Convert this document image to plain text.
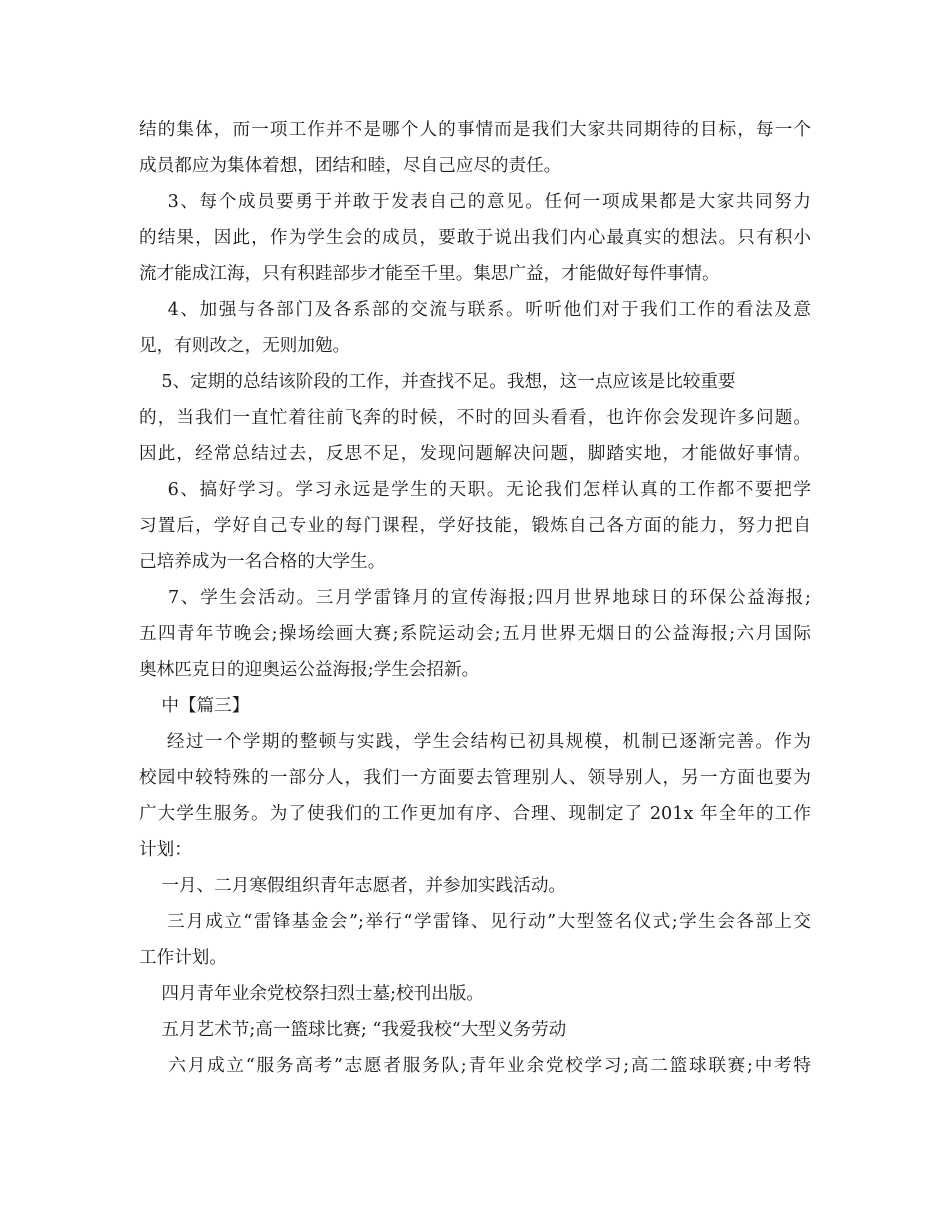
结的集体，而一项工作并不是哪个人的事情而是我们大家共同期待的目标，每一个
成员都应为集体着想，团结和睦，尽自己应尽的责任。
3、每个成员要勇于并敢于发表自己的意见。任何一项成果都是大家共同努力
的结果，因此，作为学生会的成员，要敢于说出我们内心最真实的想法。只有积小
流才能成江海，只有积跬部步才能至千里。集思广益，才能做好每件事情。
4、加强与各部门及各系部的交流与联系。听听他们对于我们工作的看法及意
见，有则改之，无则加勉。
5、定期的总结该阶段的工作，并查找不足。我想，这一点应该是比较重要
的，当我们一直忙着往前飞奔的时候，不时的回头看看，也许你会发现许多问题。
因此，经常总结过去，反思不足，发现问题解决问题，脚踏实地，才能做好事情。
6、搞好学习。学习永远是学生的天职。无论我们怎样认真的工作都不要把学
习置后，学好自己专业的每门课程，学好技能，锻炼自己各方面的能力，努力把自
己培养成为一名合格的大学生。
7、学生会活动。三月学雷锋月的宣传海报;四月世界地球日的环保公益海报;
五四青年节晚会;操场绘画大赛;系院运动会;五月世界无烟日的公益海报;六月国际
奥林匹克日的迎奥运公益海报;学生会招新。
中【篇三】
经过一个学期的整顿与实践，学生会结构已初具规模，机制已逐渐完善。作为
校园中较特殊的一部分人，我们一方面要去管理别人、领导别人，另一方面也要为
广大学生服务。为了使我们的工作更加有序、合理、现制定了 201x 年全年的工作
计划：
一月、二月寒假组织青年志愿者，并参加实践活动。
三月成立“雷锋基金会”;举行“学雷锋、见行动”大型签名仪式;学生会各部上交
工作计划。
四月青年业余党校祭扫烈士墓;校刊出版。
五月艺术节;高一篮球比赛; “我爱我校“大型义务劳动
六月成立“服务高考”志愿者服务队;青年业余党校学习;高二篮球联赛;中考特
